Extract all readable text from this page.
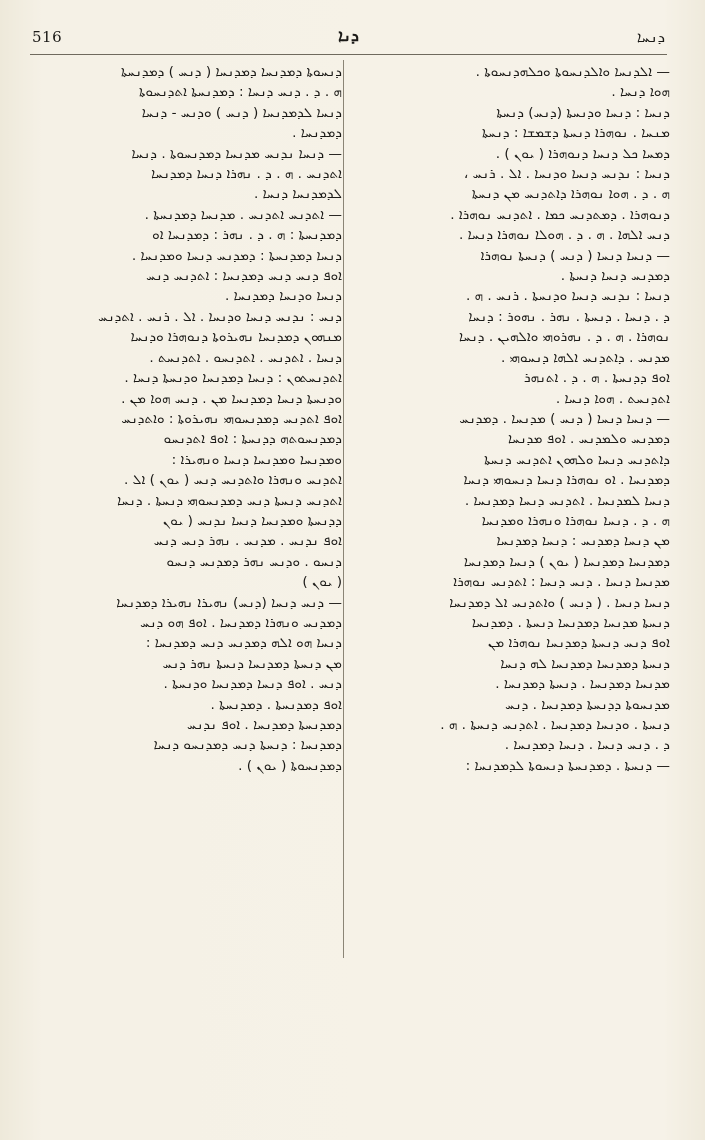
516	ܕܢܐ	ܕܢܚܐ
— ܐܠܕܢܚܐ ܘܐܠܕܢܚܘܬܐ ܘܟܠܗܕܢܚܘܬܐ .
ܗܘܐ ܕܢܚܐ .
ܕܢܚܐ : ܕܢܚܐ ܘܕܢܚܬܐ (ܕܢܚ) ܕܢܚܬܐ
ܡܢܚܐ . ܢܘܗܪܐ ܕܢܚܬܐ ܕܫܡܫܐ : ܕܢܚܬܐ
ܕܡܚܐ ܟܠ ܕܢܚܐ ܕܢܘܗܪܐ ( ܝܘܢ ) .
ܕܢܚܐ : ܢܕܢܚ ܕܢܚܐ ܘܕܢܚܐ . ܐܠ . ܪܢܚ ،
ܗ . ܕ . ܗܘܐ ܢܘܗܪܐ ܕܐܬܕܢܚ ܡܢ ܕܢܚܬܐ
ܕܢܘܗܪܐ . ܕܡܬܕܢܚ ܟܡܐ . ܐܬܕܢܚ ܢܘܗܪܐ .
ܕܢܚ ܐܠܗܐ . ܗ . ܕ . ܗܘܠܐ ܢܘܗܪܐ ܕܢܚܐ .
— ܕܢܚܐ ܕܢܚܐ ( ܕܢܚ ) ܕܢܚܬܐ ܢܘܗܪܐ
ܕܡܕܢܚ ܕܢܚܐ ܕܢܚܬܐ .
ܕܢܚܐ : ܢܕܢܚ ܕܢܚܐ ܘܕܢܚܬܐ . ܪܢܚ . ܗ .
ܕ . ܕܢܚܐ . ܕܢܚܬܐ . ܢܗܪ . ܢܗܘܪ : ܕܢܚܐ
ܢܘܗܪܐ . ܗ . ܕ . ܢܗܪܘܗܝ ܘܐܠܗܝܢ . ܕܢܚܐ
ܡܕܢܚ . ܕܐܬܕܢܚ ܐܠܗܐ ܕܢܚܘܗܝ .
ܐܘܦ ܕܕܢܚܬܐ . ܗ . ܕ . ܐܬܢܗܪ
ܐܬܕܢܚܬ . ܗܘܐ ܕܢܚܐ .
— ܕܢܚܐ ܕܢܚܐ ( ܕܢܚ ) ܡܕܢܚܐ . ܕܡܕܢܚ
ܕܡܕܢܚ ܘܠܡܕܢܚ . ܐܘܦ ܡܕܢܚܐ
ܕܐܬܕܢܚ ܕܢܚܐ ܘܠܗܘܢ ܐܬܕܢܚ ܕܢܚܬܐ
ܕܡܕܢܚܐ . ܐܘ ܢܘܗܪܐ ܕܢܚܐ ܕܢܚܘܗܝ ܕܢܚܐ
ܕܢܚܐ ܠܡܕܢܚܐ . ܐܬܕܢܚ ܕܢܚܐ ܕܡܕܢܚܐ .
ܗ . ܕ . ܕܢܚܐ ܢܘܗܪܐ ܘܢܗܪܐ ܘܡܕܢܚܐ
ܡܢ ܕܢܚܐ ܕܡܕܢܚ : ܕܢܚܐ ܕܡܕܢܚܐ
ܕܡܕܢܚܐ ܕܡܕܢܚܐ ( ܝܘܢ ) ܕܢܚܐ ܕܡܕܢܚܐ
ܡܕܢܚܐ ܕܢܚܐ . ܕܢܚ ܕܢܚܐ : ܐܬܕܢܚ ܢܘܗܪܐ
ܕܢܚܐ ܕܢܚܐ . ( ܕܢܚ ) ܘܐܬܕܢܚ ܐܠ ܕܡܕܢܚܐ
ܕܢܚܬܐ ܡܕܢܚܐ ܕܡܕܢܚܐ ܕܢܚܬܐ . ܕܡܕܢܚܐ
ܐܘܦ ܕܢܚ ܕܢܚܬܐ ܕܡܕܢܚܐ ܢܘܗܪܐ ܡܢ
ܕܢܚܬܐ ܕܡܕܢܚܐ ܕܡܕܢܚܐ ܠܗ ܕܢܚܐ
ܡܕܢܚܐ ܕܡܕܢܚܐ . ܕܢܚܬܐ ܕܡܕܢܚܐ .
ܡܕܢܚܘܬܐ ܕܕܢܚܬܐ ܕܡܕܢܚܐ . ܕܢܚ
ܕܢܚܬܐ . ܘܕܢܚܐ ܕܡܕܢܚܐ . ܐܬܕܢܚ ܕܢܚܬܐ . ܗ .
ܕ . ܕܢܚ ܕܢܚܐ . ܕܢܚܐ ܕܡܕܢܚܐ .
— ܕܢܚܬܐ . ܕܡܕܢܚܬܐ ܕܢܚܘܬܐ ܠܕܡܕܢܚܐ :
ܕܢܚܘܬܐ ܕܡܕܢܚܐ ܕܡܕܢܚܐ ( ܕܢܚ ) ܕܡܕܢܚܬܐ
ܗ . ܕ . ܕܢܚ ܕܢܚܐ : ܕܡܕܢܚܬܐ ܐܬܕܢܚܘܬܐ
ܕܢܚܐ ܠܕܡܕܢܚܐ ( ܕܢܚ ) ܘܕܢܚ - ܕܢܚܐ
ܕܡܕܢܚܐ .
— ܕܢܚܐ ܢܕܢܚ ܡܕܢܚܐ ܕܡܕܢܚܘܬܐ . ܕܢܚܐ
ܐܬܕܢܚ . ܗ . ܕ . ܢܗܪܐ ܕܢܚܐ ܕܡܕܢܚܐ
ܠܕܡܕܢܚܐ ܕܢܚܐ .
— ܐܬܕܢܚ ܐܬܕܢܚ . ܡܕܢܚܐ ܕܡܕܢܚܬܐ .
ܕܡܕܢܚܬܐ : ܗ . ܕ . ܢܗܪ : ܕܡܕܢܚܐ ܐܘ
ܕܢܚܐ ܕܡܕܢܚܬܐ : ܕܡܕܢܚ ܕܢܚܐ ܘܡܕܢܚܐ .
ܐܘܦ ܕܢܚ ܕܢܚ ܕܡܕܢܚܐ : ܐܬܕܢܚ ܕܢܚ
ܕܢܚܐ ܘܕܢܚܐ ܕܡܕܢܚܐ .
ܕܢܚ : ܢܕܢܚ ܕܢܚܐ ܘܕܢܚܐ . ܐܠ . ܪܢܚ . ܐܬܕܢܚ
ܡܢܗܘܢ ܕܡܕܢܚܐ ܢܗܝܪܘܬܐ ܕܢܘܗܪܐ ܘܕܢܚܐ
ܕܢܚܐ . ܐܬܕܢܚ . ܐܬܕܢܚܘ . ܐܬܕܢܚܬ .
ܐܬܕܢܚܬܘܢ : ܕܢܚܐ ܕܡܕܢܚܐ ܘܕܢܚܬܐ ܕܢܚܐ .
ܘܕܢܚܬܐ ܕܢܚܐ ܕܡܕܢܚܐ ܡܢ . ܕܢܚ ܗܘܐ ܡܢ .
ܐܘܦ ܐܬܕܢܚ ܕܡܕܢܚܘܗܝ ܢܗܝܪܘܬܐ : ܘܐܬܕܢܚ
ܕܡܕܢܚܘܬܗ ܕܕܢܚܬܐ : ܐܘܦ ܐܬܕܢܚܘ
ܘܡܕܢܚܐ ܘܡܕܢܚܐ ܕܢܚܐ ܘܢܗܝܪܐ :
ܐܬܕܢܚ ܘܢܗܪܐ ܘܐܬܕܢܚ ܕܢܚ ( ܝܘܢ ) ܐܠ .
ܐܬܕܢܚ ܕܢܚܬܐ ܕܢܚ ܕܡܕܢܚܘܗܝ ܕܢܚܬܐ . ܕܢܚܐ
ܕܕܢܚܬܐ ܘܡܕܢܚܐ ܕܢܚܐ ܢܕܢܚ ( ܝܘܢ
ܐܘܦ ܢܕܢܚ . ܡܕܢܚ . ܢܗܪ ܕܢܚ ܕܢܚ
ܕܢܚܘ . ܘܕܢܚ ܢܗܪ ܕܡܕܢܚ ܕܢܚܘ
( ܝܘܢ )
— ܕܢܚ ܕܢܚܐ (ܕܢܚ) ܢܗܝܪܐ ܢܗܝܪܐ ܕܡܕܢܚܐ
ܕܡܕܢܚ ܘܢܗܪܐ ܕܡܕܢܚܐ . ܐܘܦ ܗܘ ܕܢܚ
ܕܢܚܐ ܗܘ ܐܠܗ ܕܡܕܢܚ ܕܢܚ ܕܡܕܢܚܐ :
ܡܢ ܕܢܚܬܐ ܕܡܕܢܚܐ ܕܢܚܬܐ ܢܗܪ ܕܢܚ
ܕܢܚ . ܐܘܦ ܕܢܚܐ ܕܡܕܢܚܐ ܘܕܢܚܬܐ .
ܐܘܦ ܕܡܕܢܚܬܐ . ܕܡܕܢܚܬܐ .
ܕܡܕܢܚܬܐ ܕܡܕܢܚܐ . ܐܘܦ ܢܕܢܚ
ܕܡܕܢܚܐ : ܕܢܚܬܐ ܕܢܚ ܕܡܕܢܚܘ ܕܢܚܐ
ܕܡܕܢܚܘܬܐ ( ܝܘܢ ) .
